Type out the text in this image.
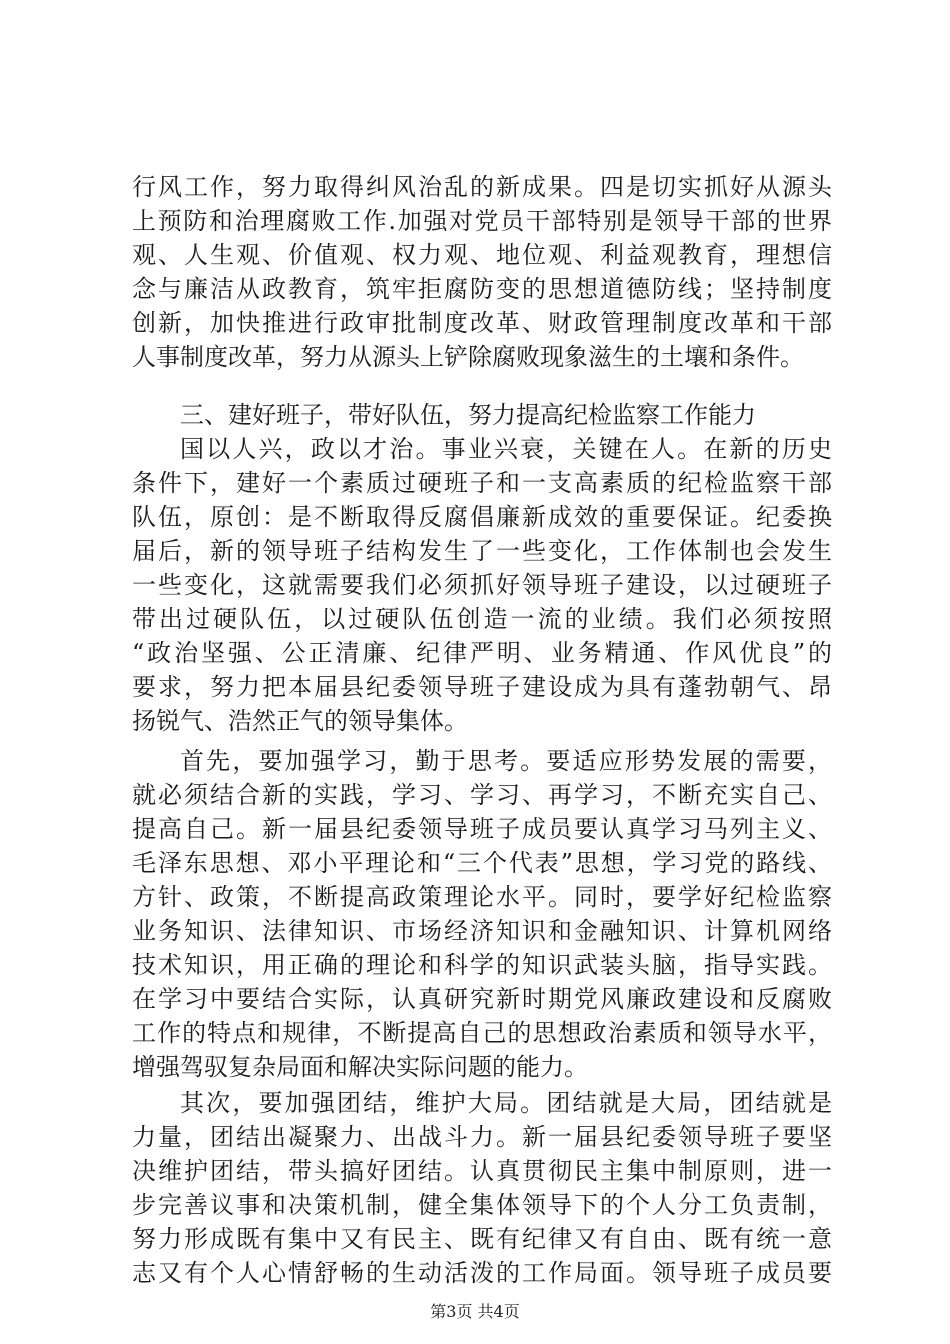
行风工作，努力取得纠风治乱的新成果。四是切实抓好从源头
上预防和治理腐败工作.加强对党员干部特别是领导干部的世界
观、人生观、价值观、权力观、地位观、利益观教育，理想信
念与廉洁从政教育，筑牢拒腐防变的思想道德防线；坚持制度
创新，加快推进行政审批制度改革、财政管理制度改革和干部
人事制度改革，努力从源头上铲除腐败现象滋生的土壤和条件。
三、建好班子，带好队伍，努力提高纪检监察工作能力
国以人兴，政以才治。事业兴衰，关键在人。在新的历史
条件下，建好一个素质过硬班子和一支高素质的纪检监察干部
队伍，原创：是不断取得反腐倡廉新成效的重要保证。纪委换
届后，新的领导班子结构发生了一些变化，工作体制也会发生
一些变化，这就需要我们必须抓好领导班子建设，以过硬班子
带出过硬队伍，以过硬队伍创造一流的业绩。我们必须按照
“政治坚强、公正清廉、纪律严明、业务精通、作风优良”的
要求，努力把本届县纪委领导班子建设成为具有蓬勃朝气、昂
扬锐气、浩然正气的领导集体。
首先，要加强学习，勤于思考。要适应形势发展的需要，
就必须结合新的实践，学习、学习、再学习，不断充实自己、
提高自己。新一届县纪委领导班子成员要认真学习马列主义、
毛泽东思想、邓小平理论和“三个代表”思想，学习党的路线、
方针、政策，不断提高政策理论水平。同时，要学好纪检监察
业务知识、法律知识、市场经济知识和金融知识、计算机网络
技术知识，用正确的理论和科学的知识武装头脑，指导实践。
在学习中要结合实际，认真研究新时期党风廉政建设和反腐败
工作的特点和规律，不断提高自己的思想政治素质和领导水平，
增强驾驭复杂局面和解决实际问题的能力。
其次，要加强团结，维护大局。团结就是大局，团结就是
力量，团结出凝聚力、出战斗力。新一届县纪委领导班子要坚
决维护团结，带头搞好团结。认真贯彻民主集中制原则，进一
步完善议事和决策机制，健全集体领导下的个人分工负责制，
努力形成既有集中又有民主、既有纪律又有自由、既有统一意
志又有个人心情舒畅的生动活泼的工作局面。领导班子成员要
第3页 共4页
